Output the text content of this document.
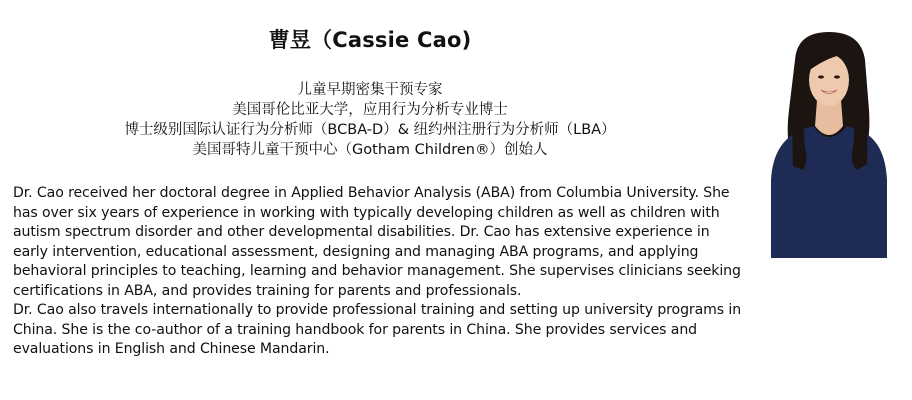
曹昱（Cassie Cao)
儿童早期密集干预专家
美国哥伦比亚大学，应用行为分析专业博士
博士级别国际认证行为分析师（BCBA-D）& 纽约州注册行为分析师（LBA）
美国哥特儿童干预中心（Gotham Children®）创始人

Dr. Cao received her doctoral degree in Applied Behavior Analysis (ABA) from Columbia University. She has over six years of experience in working with typically developing children as well as children with autism spectrum disorder and other developmental disabilities. Dr. Cao has extensive experience in early intervention, educational assessment, designing and managing ABA programs, and applying behavioral principles to teaching, learning and behavior management. She supervises clinicians seeking certifications in ABA, and provides training for parents and professionals.

Dr. Cao also travels internationally to provide professional training and setting up university programs in China. She is the co-author of a training handbook for parents in China. She provides services and evaluations in English and Chinese Mandarin.
